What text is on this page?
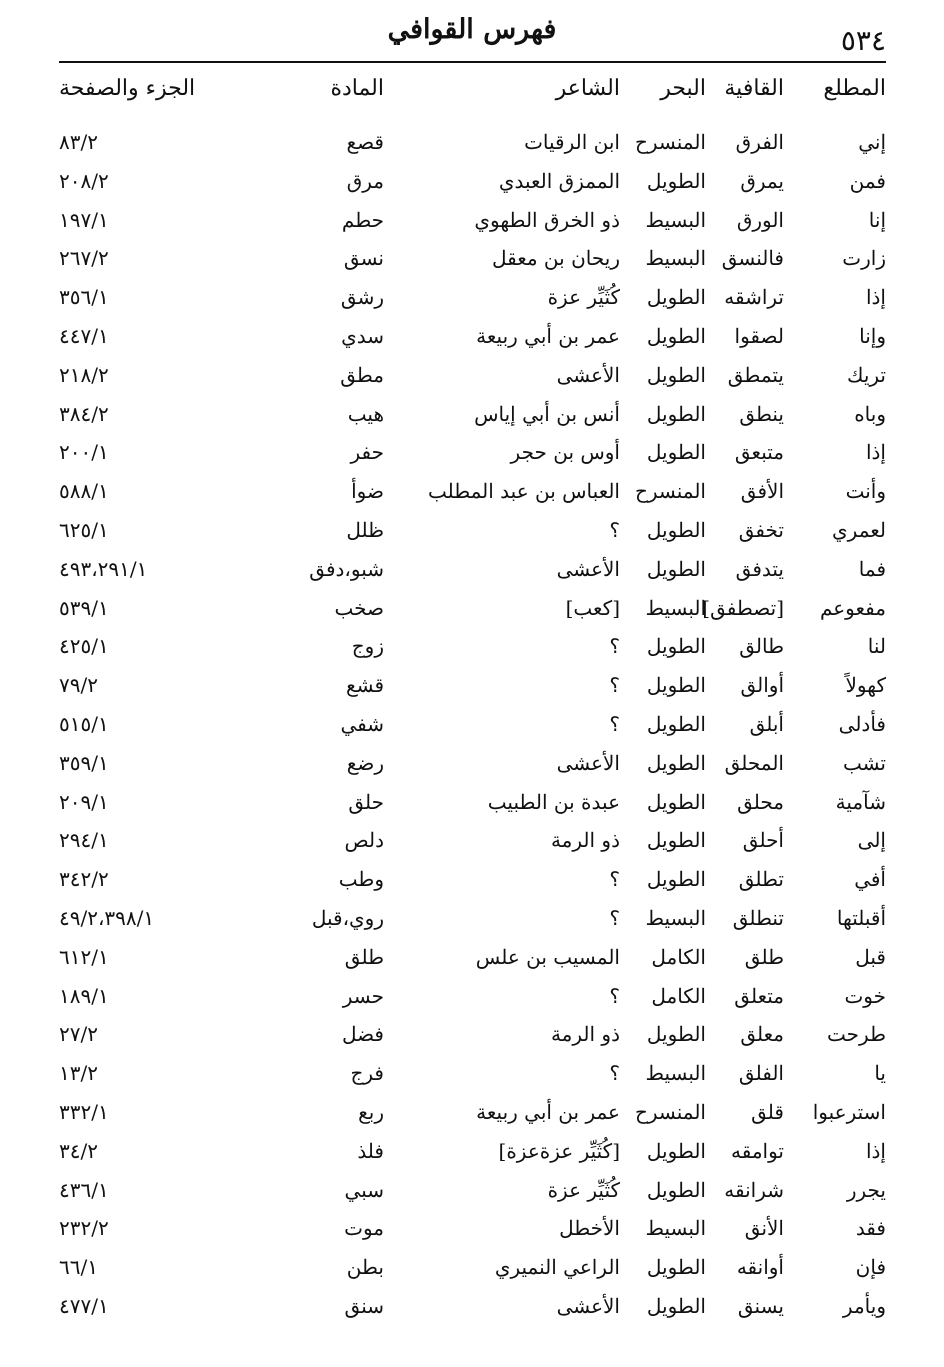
٥٣٤
فهرس القوافي
المطلع
القافية
البحر
الشاعر
المادة
الجزء والصفحة
إني
الفرق
المنسرح
ابن الرقيات
قصع
٨٣/٢
فمن
يمرق
الطويل
الممزق العبدي
مرق
٢٠٨/٢
إنا
الورق
البسيط
ذو الخرق الطهوي
حطم
١٩٧/١
زارت
فالنسق
البسيط
ريحان بن معقل
نسق
٢٦٧/٢
إذا
تراشقه
الطويل
كُثَيِّر عزة
رشق
٣٥٦/١
وإنا
لصقوا
الطويل
عمر بن أبي ربيعة
سدي
٤٤٧/١
تريك
يتمطق
الطويل
الأعشى
مطق
٢١٨/٢
وباه
ينطق
الطويل
أنس بن أبي إياس
هيب
٣٨٤/٢
إذا
متبعق
الطويل
أوس بن حجر
حفر
٢٠٠/١
وأنت
الأفق
المنسرح
العباس بن عبد المطلب
ضوأ
٥٨٨/١
لعمري
تخفق
الطويل
؟
ظلل
٦٢٥/١
فما
يتدفق
الطويل
الأعشى
شبو،دفق
٤٩٣،٢٩١/١
مفعوعم
[تصطفق]
البسيط
[كعب]
صخب
٥٣٩/١
لنا
طالق
الطويل
؟
زوج
٤٢٥/١
كهولاً
أوالق
الطويل
؟
قشع
٧٩/٢
فأدلى
أبلق
الطويل
؟
شفي
٥١٥/١
تشب
المحلق
الطويل
الأعشى
رضع
٣٥٩/١
شآمية
محلق
الطويل
عبدة بن الطبيب
حلق
٢٠٩/١
إلى
أحلق
الطويل
ذو الرمة
دلص
٢٩٤/١
أفي
تطلق
الطويل
؟
وطب
٣٤٢/٢
أقبلتها
تنطلق
البسيط
؟
روي،قبل
٤٩/٢،٣٩٨/١
قبل
طلق
الكامل
المسيب بن علس
طلق
٦١٢/١
خوت
متعلق
الكامل
؟
حسر
١٨٩/١
طرحت
معلق
الطويل
ذو الرمة
فضل
٢٧/٢
يا
الفلق
البسيط
؟
فرج
١٣/٢
استرعبوا
قلق
المنسرح
عمر بن أبي ربيعة
ربع
٣٣٢/١
إذا
توامقه
الطويل
[كُثَيِّر عزةعزة]
فلذ
٣٤/٢
يجرر
شرانقه
الطويل
كُثَيِّر عزة
سبي
٤٣٦/١
فقد
الأنق
البسيط
الأخطل
موت
٢٣٢/٢
فإن
أوانقه
الطويل
الراعي النميري
بطن
٦٦/١
ويأمر
يسنق
الطويل
الأعشى
سنق
٤٧٧/١
